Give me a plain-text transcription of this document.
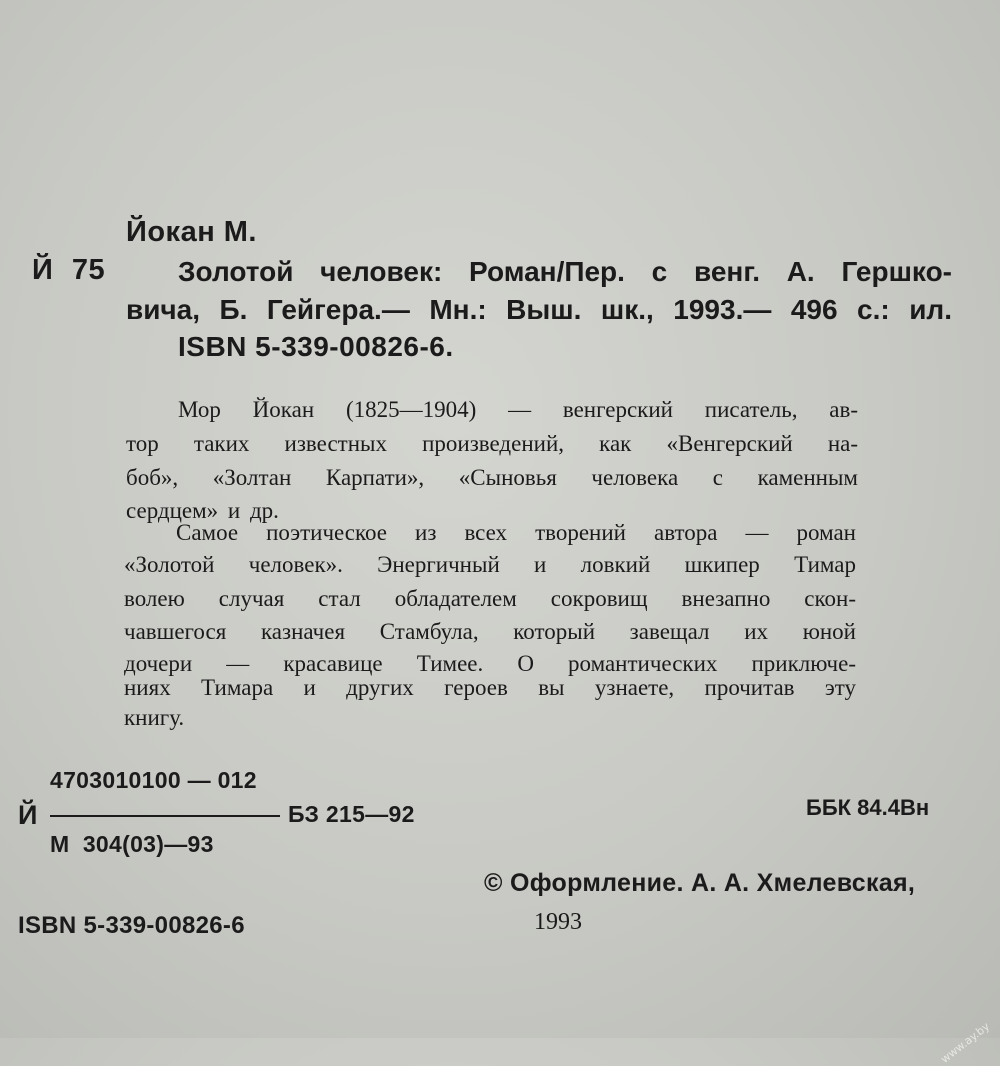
Йокан М.
Й 75	Золотой человек: Роман/Пер. с венг. А. Гершко-
вича, Б. Гейгера.— Мн.: Выш. шк., 1993.— 496 с.: ил.
ISBN 5-339-00826-6.
Мор Йокан (1825—1904) — венгерский писатель, ав-
тор таких известных произведений, как «Венгерский на-
боб», «Золтан Карпати», «Сыновья человека с каменным
сердцем» и др.
Самое поэтическое из всех творений автора — роман
«Золотой человек». Энергичный и ловкий шкипер Тимар
волею случая стал обладателем сокровищ внезапно скон-
чавшегося казначея Стамбула, который завещал их юной
дочери — красавице Тимее. О романтических приключе-
ниях Тимара и других героев вы узнаете, прочитав эту
книгу.
4703010100 — 012
Й	БЗ 215—92
М  304(03)—93
ББК 84.4Вн
© Оформление. А. А. Хмелевская,
1993
ISBN 5-339-00826-6
www.ay.by
